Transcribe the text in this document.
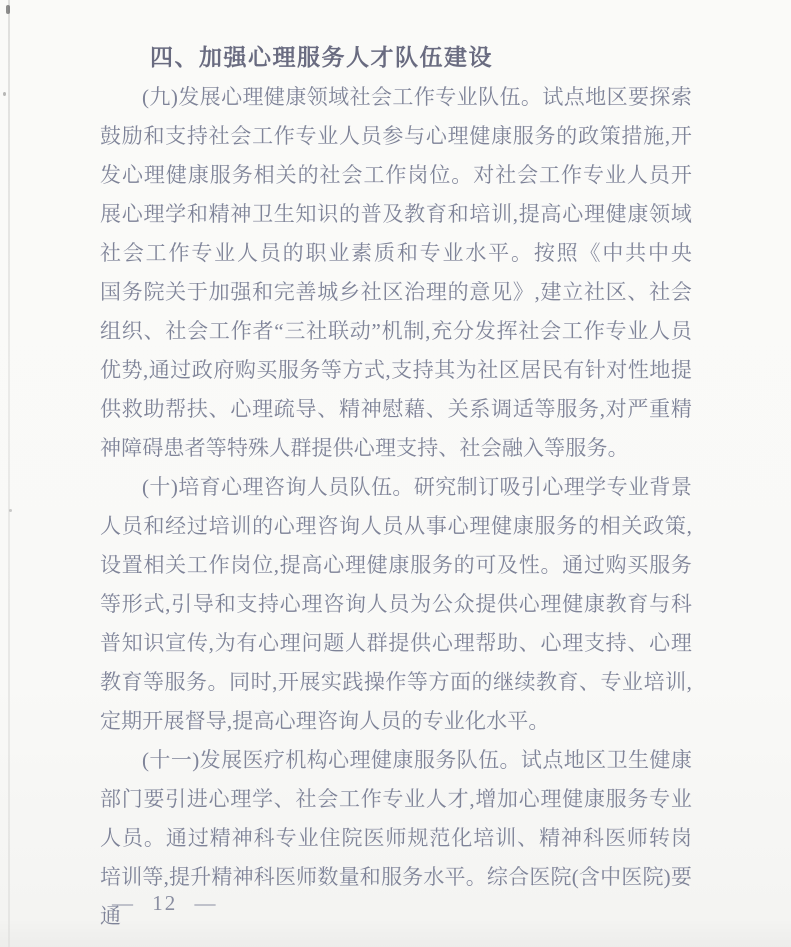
四、加强心理服务人才队伍建设

(九)发展心理健康领域社会工作专业队伍。试点地区要探索鼓励和支持社会工作专业人员参与心理健康服务的政策措施,开发心理健康服务相关的社会工作岗位。对社会工作专业人员开展心理学和精神卫生知识的普及教育和培训,提高心理健康领域社会工作专业人员的职业素质和专业水平。按照《中共中央　国务院关于加强和完善城乡社区治理的意见》,建立社区、社会组织、社会工作者“三社联动”机制,充分发挥社会工作专业人员优势,通过政府购买服务等方式,支持其为社区居民有针对性地提供救助帮扶、心理疏导、精神慰藉、关系调适等服务,对严重精神障碍患者等特殊人群提供心理支持、社会融入等服务。

(十)培育心理咨询人员队伍。研究制订吸引心理学专业背景人员和经过培训的心理咨询人员从事心理健康服务的相关政策,设置相关工作岗位,提高心理健康服务的可及性。通过购买服务等形式,引导和支持心理咨询人员为公众提供心理健康教育与科普知识宣传,为有心理问题人群提供心理帮助、心理支持、心理教育等服务。同时,开展实践操作等方面的继续教育、专业培训,定期开展督导,提高心理咨询人员的专业化水平。

(十一)发展医疗机构心理健康服务队伍。试点地区卫生健康部门要引进心理学、社会工作专业人才,增加心理健康服务专业人员。通过精神科专业住院医师规范化培训、精神科医师转岗培训等,提升精神科医师数量和服务水平。综合医院(含中医院)要通

— 12 —
